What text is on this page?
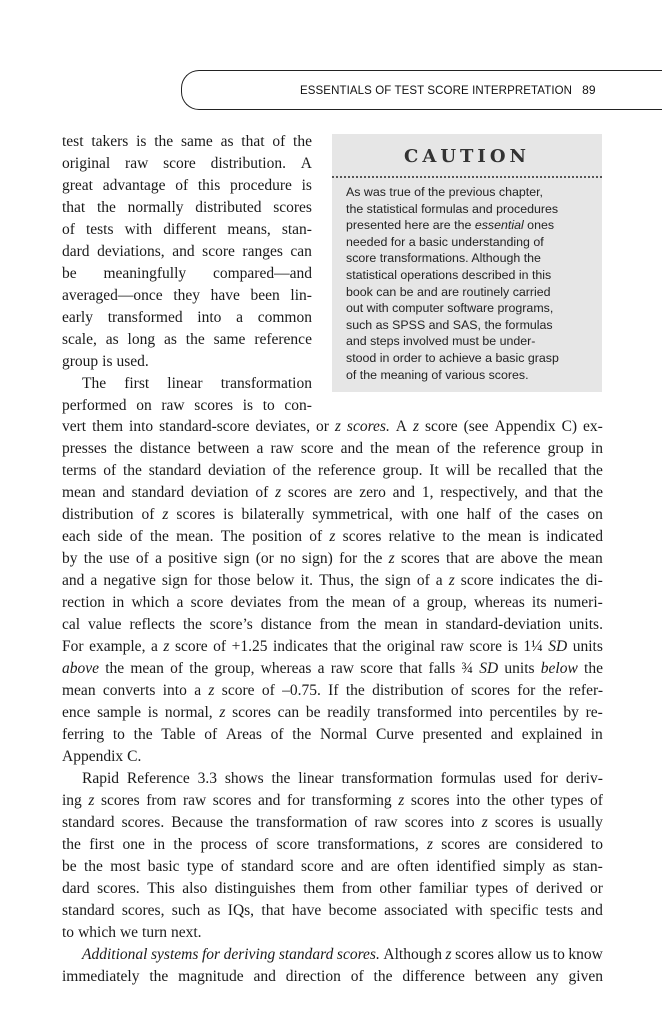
ESSENTIALS OF TEST SCORE INTERPRETATION 89
CAUTION
As was true of the previous chapter,
the statistical formulas and procedures
presented here are the essential ones
needed for a basic understanding of
score transformations. Although the
statistical operations described in this
book can be and are routinely carried
out with computer software programs,
such as SPSS and SAS, the formulas
and steps involved must be under-
stood in order to achieve a basic grasp
of the meaning of various scores.
test takers is the same as that of the
original raw score distribution. A
great advantage of this procedure is
that the normally distributed scores
of tests with different means, stan-
dard deviations, and score ranges can
be meaningfully compared—and
averaged—once they have been lin-
early transformed into a common
scale, as long as the same reference
group is used.
The first linear transformation
performed on raw scores is to con-
vert them into standard-score deviates, or z scores. A z score (see Appendix C) ex-
presses the distance between a raw score and the mean of the reference group in
terms of the standard deviation of the reference group. It will be recalled that the
mean and standard deviation of z scores are zero and 1, respectively, and that the
distribution of z scores is bilaterally symmetrical, with one half of the cases on
each side of the mean. The position of z scores relative to the mean is indicated
by the use of a positive sign (or no sign) for the z scores that are above the mean
and a negative sign for those below it. Thus, the sign of a z score indicates the di-
rection in which a score deviates from the mean of a group, whereas its numeri-
cal value reflects the score’s distance from the mean in standard-deviation units.
For example, a z score of +1.25 indicates that the original raw score is 1¼ SD units
above the mean of the group, whereas a raw score that falls ¾ SD units below the
mean converts into a z score of –0.75. If the distribution of scores for the refer-
ence sample is normal, z scores can be readily transformed into percentiles by re-
ferring to the Table of Areas of the Normal Curve presented and explained in
Appendix C.
Rapid Reference 3.3 shows the linear transformation formulas used for deriv-
ing z scores from raw scores and for transforming z scores into the other types of
standard scores. Because the transformation of raw scores into z scores is usually
the first one in the process of score transformations, z scores are considered to
be the most basic type of standard score and are often identified simply as stan-
dard scores. This also distinguishes them from other familiar types of derived or
standard scores, such as IQs, that have become associated with specific tests and
to which we turn next.
Additional systems for deriving standard scores. Although z scores allow us to know
immediately the magnitude and direction of the difference between any given
